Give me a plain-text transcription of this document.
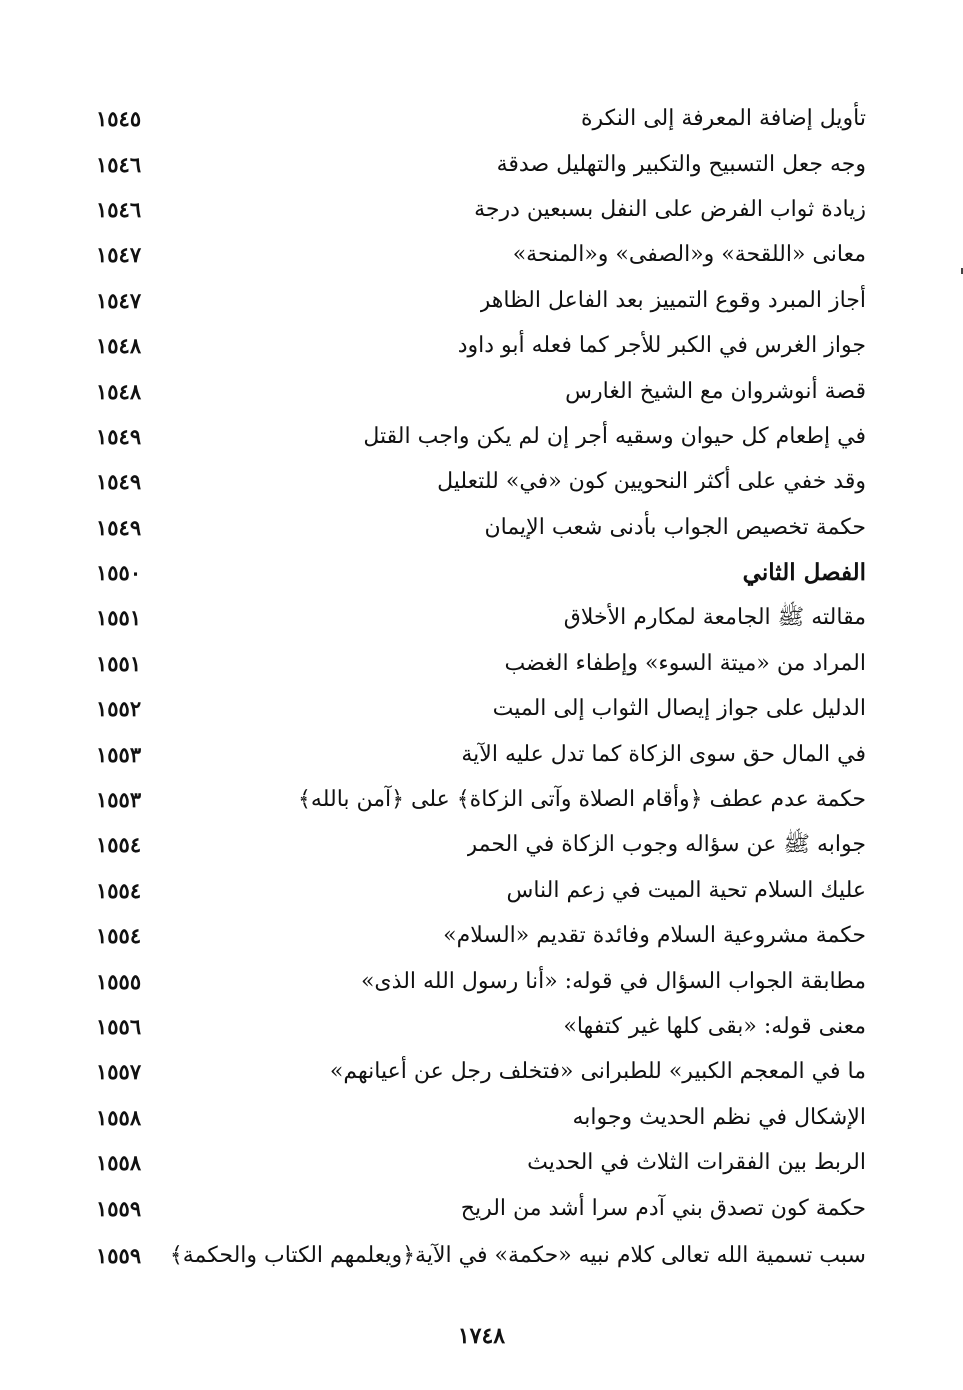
تأويل إضافة المعرفة إلى النكرة
١٥٤٥
وجه جعل التسبيح والتكبير والتهليل صدقة
١٥٤٦
زيادة ثواب الفرض على النفل بسبعين درجة
١٥٤٦
معانى «اللقحة» و«الصفى» و«المنحة»
١٥٤٧
أجاز المبرد وقوع التمييز بعد الفاعل الظاهر
١٥٤٧
جواز الغرس في الكبر للأجر كما فعله أبو داود
١٥٤٨
قصة أنوشروان مع الشيخ الغارس
١٥٤٨
في إطعام كل حيوان وسقيه أجر إن لم يكن واجب القتل
١٥٤٩
وقد خفي على أكثر النحويين كون «في» للتعليل
١٥٤٩
حكمة تخصيص الجواب بأدنى شعب الإيمان
١٥٤٩
الفصل الثاني
١٥٥٠
مقالته ﷺ الجامعة لمكارم الأخلاق
١٥٥١
المراد من «ميتة السوء» وإطفاء الغضب
١٥٥١
الدليل على جواز إيصال الثواب إلى الميت
١٥٥٢
في المال حق سوى الزكاة كما تدل عليه الآية
١٥٥٣
حكمة عدم عطف ﴿وأقام الصلاة وآتى الزكاة﴾ على ﴿آمن بالله﴾
١٥٥٣
جوابه ﷺ عن سؤاله وجوب الزكاة في الحمر
١٥٥٤
عليك السلام تحية الميت في زعم الناس
١٥٥٤
حكمة مشروعية السلام وفائدة تقديم «السلام»
١٥٥٤
مطابقة الجواب السؤال في قوله: «أنا رسول الله الذى»
١٥٥٥
معنى قوله: «بقى كلها غير كتفها»
١٥٥٦
ما في المعجم الكبير» للطبرانى «فتخلف رجل عن أعيانهم»
١٥٥٧
الإشكال في نظم الحديث وجوابه
١٥٥٨
الربط بين الفقرات الثلاث في الحديث
١٥٥٨
حكمة كون تصدق بني آدم سرا أشد من الريح
١٥٥٩
سبب تسمية الله تعالى كلام نبيه «حكمة» في الآية﴿ويعلمهم الكتاب والحكمة﴾
١٥٥٩
١٧٤٨
